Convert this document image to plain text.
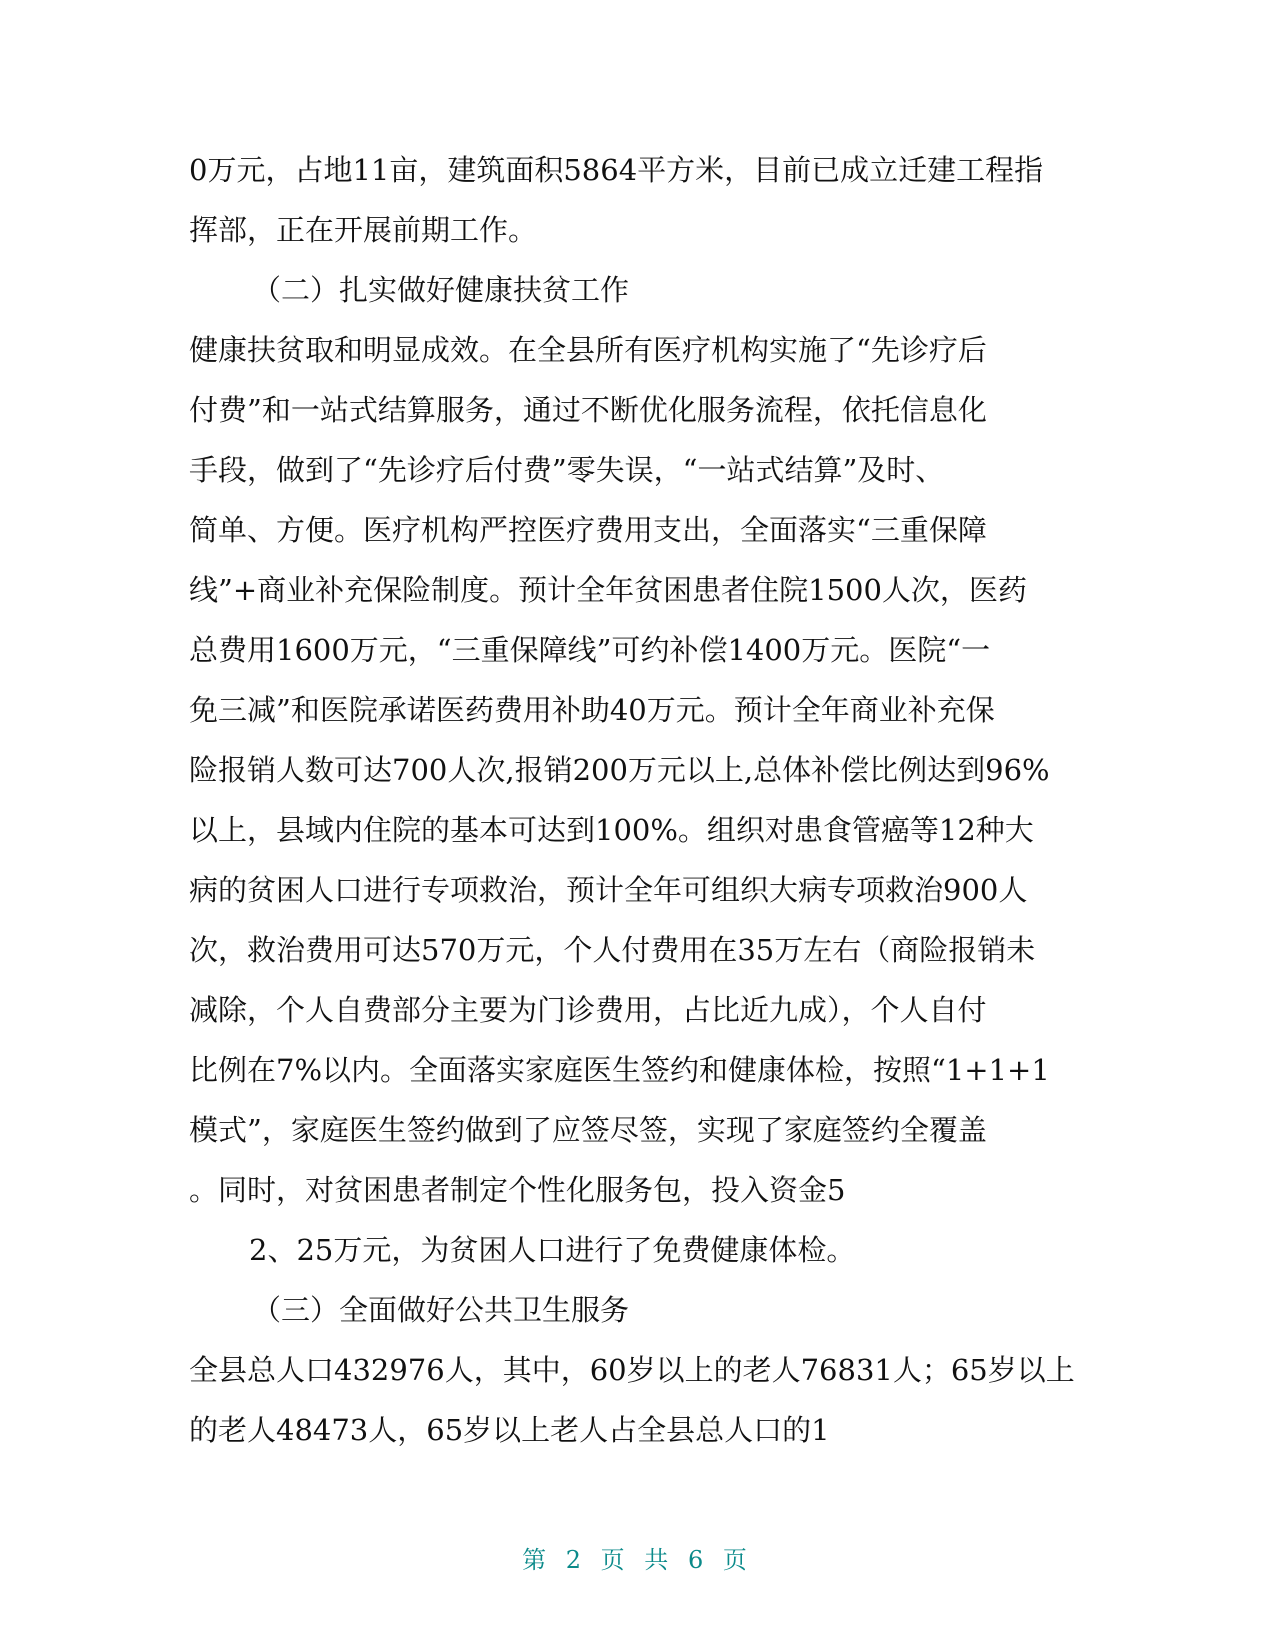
0万元，占地11亩，建筑面积5864平方米，目前已成立迁建工程指
挥部，正在开展前期工作。
（二）扎实做好健康扶贫工作
健康扶贫取和明显成效。在全县所有医疗机构实施了“先诊疗后
付费”和一站式结算服务，通过不断优化服务流程，依托信息化
手段，做到了“先诊疗后付费”零失误，“一站式结算”及时、
简单、方便。医疗机构严控医疗费用支出，全面落实“三重保障
线”+商业补充保险制度。预计全年贫困患者住院1500人次，医药
总费用1600万元，“三重保障线”可约补偿1400万元。医院“一
免三减”和医院承诺医药费用补助40万元。预计全年商业补充保
险报销人数可达700人次,报销200万元以上,总体补偿比例达到96%
以上，县域内住院的基本可达到100%。组织对患食管癌等12种大
病的贫困人口进行专项救治，预计全年可组织大病专项救治900人
次，救治费用可达570万元，个人付费用在35万左右（商险报销未
减除，个人自费部分主要为门诊费用，占比近九成），个人自付
比例在7%以内。全面落实家庭医生签约和健康体检，按照“1+1+1
模式”，家庭医生签约做到了应签尽签，实现了家庭签约全覆盖
。同时，对贫困患者制定个性化服务包，投入资金5
2、25万元，为贫困人口进行了免费健康体检。
（三）全面做好公共卫生服务
全县总人口432976人，其中，60岁以上的老人76831人；65岁以上
的老人48473人，65岁以上老人占全县总人口的1
第 2 页 共 6 页
